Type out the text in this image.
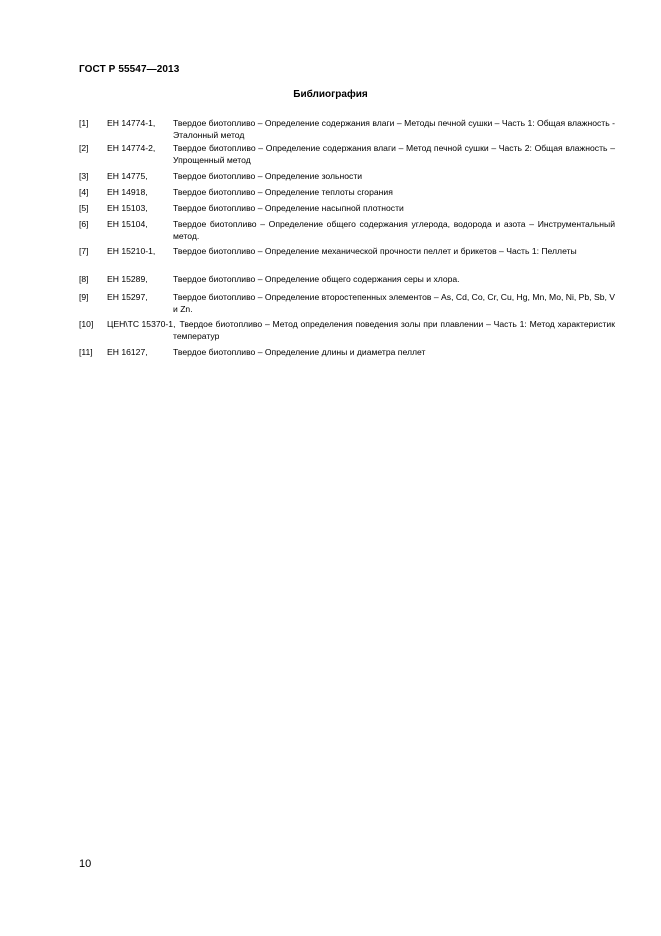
ГОСТ Р 55547—2013
Библиография
[1] ЕН 14774-1, Твердое биотопливо – Определение содержания влаги – Методы печной сушки – Часть 1: Общая влажность - Эталонный метод
[2] ЕН 14774-2, Твердое биотопливо – Определение содержания влаги – Метод печной сушки – Часть 2: Общая влажность – Упрощенный метод
[3] ЕН 14775,	Твердое биотопливо – Определение зольности
[4] ЕН 14918,	Твердое биотопливо – Определение теплоты сгорания
[5] ЕН 15103,	Твердое биотопливо – Определение насыпной плотности
[6] ЕН 15104,	Твердое биотопливо – Определение общего содержания углерода, водорода и азота – Инструментальный метод.
[7] ЕН 15210-1, Твердое биотопливо – Определение механической прочности пеллет и брикетов – Часть 1: Пеллеты
[8] ЕН 15289,	Твердое биотопливо – Определение общего содержания серы и хлора.
[9] ЕН 15297,	Твердое биотопливо – Определение второстепенных элементов – As, Cd, Co, Cr, Cu, Hg, Mn, Mo, Ni, Pb, Sb, V и Zn.
[10] ЦЕН\TC 15370-1, Твердое биотопливо – Метод определения поведения золы при плавлении – Часть 1: Метод характеристик температур
[11] ЕН 16127,	Твердое биотопливо – Определение длины и диаметра пеллет
10
